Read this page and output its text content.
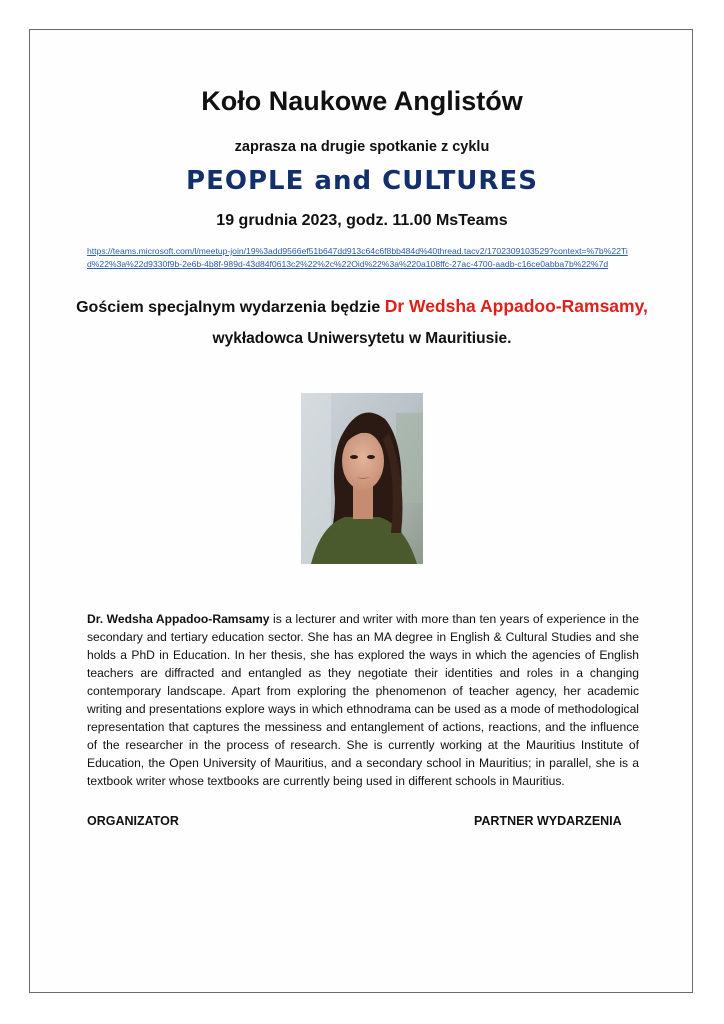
Koło Naukowe Anglistów
zaprasza na drugie spotkanie z cyklu
PEOPLE and CULTURES
19 grudnia 2023, godz. 11.00 MsTeams
https://teams.microsoft.com/l/meetup-join/19%3add9566ef51b647dd913c64c6f8bb484d%40thread.tacv2/1702309103529?context=%7b%22Tid%22%3a%22d9330f9b-2e6b-4b8f-989d-43d84f0613c2%22%2c%22Oid%22%3a%220a108ffc-27ac-4700-aadb-c16ce0abba7b%22%7d
Gościem specjalnym wydarzenia będzie Dr Wedsha Appadoo-Ramsamy,
wykładowca Uniwersytetu w Mauritiusie.
Dr. Wedsha Appadoo-Ramsamy is a lecturer and writer with more than ten years of experience in the secondary and tertiary education sector. She has an MA degree in English & Cultural Studies and she holds a PhD in Education. In her thesis, she has explored the ways in which the agencies of English teachers are diffracted and entangled as they negotiate their identities and roles in a changing contemporary landscape. Apart from exploring the phenomenon of teacher agency, her academic writing and presentations explore ways in which ethnodrama can be used as a mode of methodological representation that captures the messiness and entanglement of actions, reactions, and the influence of the researcher in the process of research. She is currently working at the Mauritius Institute of Education, the Open University of Mauritius, and a secondary school in Mauritius; in parallel, she is a textbook writer whose textbooks are currently being used in different schools in Mauritius.
ORGANIZATOR	PARTNER WYDARZENIA
